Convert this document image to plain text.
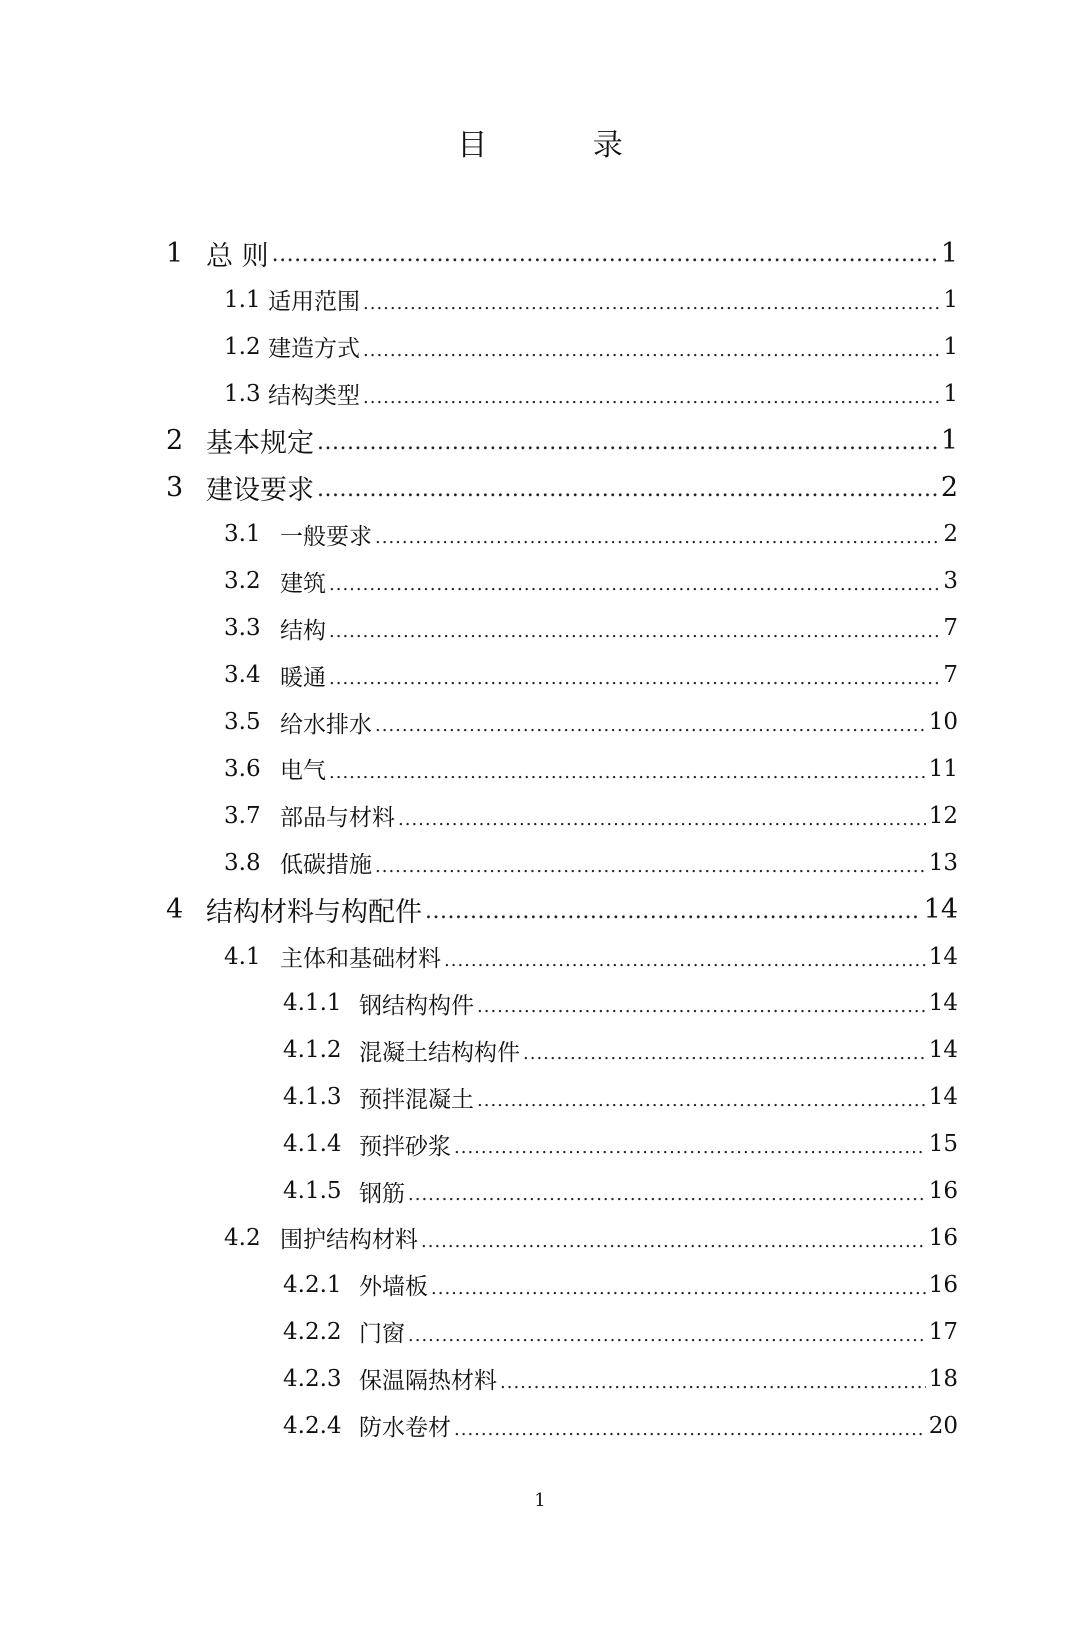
目 录
1 总 则 .....	1
1.1 适用范围 .....	1
1.2 建造方式 .....	1
1.3 结构类型 .....	1
2 基本规定 .....	1
3 建设要求 .....	2
3.1 一般要求 .....	2
3.2 建筑 .....	3
3.3 结构 .....	7
3.4 暖通 .....	7
3.5 给水排水 .....	10
3.6 电气 .....	11
3.7 部品与材料 .....	12
3.8 低碳措施 .....	13
4 结构材料与构配件 .....	14
4.1 主体和基础材料 .....	14
4.1.1 钢结构构件 .....	14
4.1.2 混凝土结构构件 .....	14
4.1.3 预拌混凝土 .....	14
4.1.4 预拌砂浆 .....	15
4.1.5 钢筋 .....	16
4.2 围护结构材料 .....	16
4.2.1 外墙板 .....	16
4.2.2 门窗 .....	17
4.2.3 保温隔热材料 .....	18
4.2.4 防水卷材 .....	20
1
